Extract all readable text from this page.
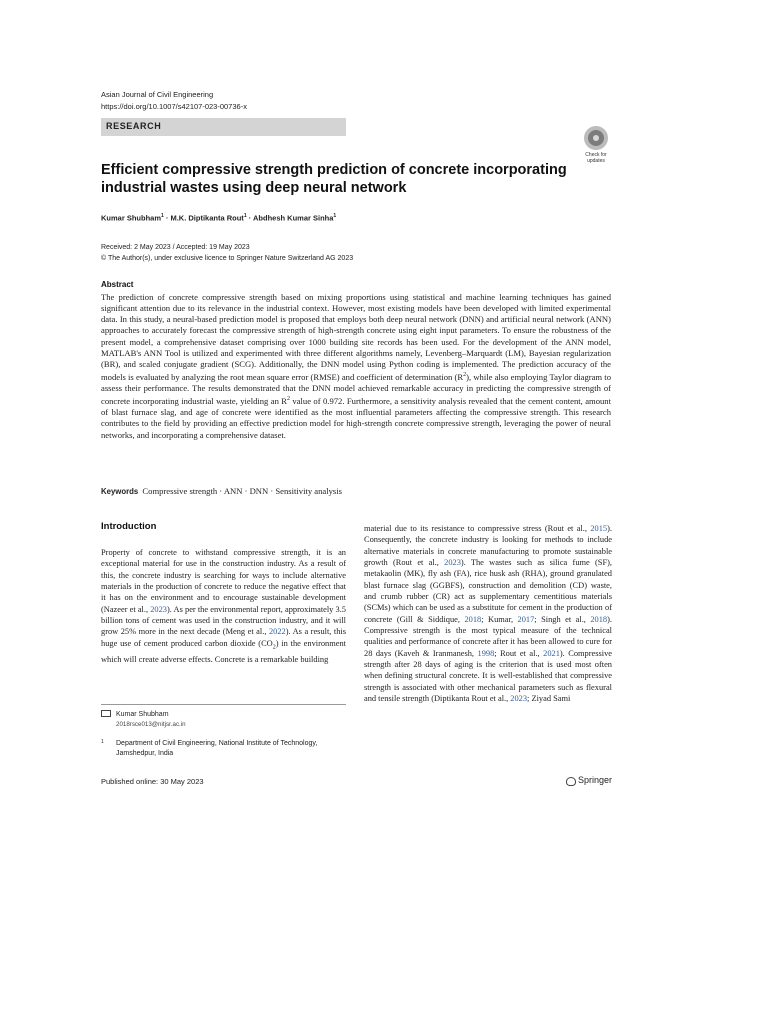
Asian Journal of Civil Engineering
https://doi.org/10.1007/s42107-023-00736-x
RESEARCH
Check for
updates
Efficient compressive strength prediction of concrete incorporating industrial wastes using deep neural network
Kumar Shubham$^1$ · M.K. Diptikanta Rout$^1$ · Abdhesh Kumar Sinha$^1$
Received: 2 May 2023 / Accepted: 19 May 2023
© The Author(s), under exclusive licence to Springer Nature Switzerland AG 2023
Abstract
The prediction of concrete compressive strength based on mixing proportions using statistical and machine learning techniques has gained significant attention due to its relevance in the industrial context. However, most existing models have been developed with limited experimental data. In this study, a neural-based prediction model is proposed that employs both deep neural network (DNN) and artificial neural network (ANN) approaches to accurately forecast the compressive strength of high-strength concrete using eight input parameters. To ensure the robustness of the present model, a comprehensive dataset comprising over 1000 building site records has been used. For the development of the ANN model, MATLAB's ANN Tool is utilized and experimented with three different algorithms namely, Levenberg–Marquardt (LM), Bayesian regularization (BR), and scaled conjugate gradient (SCG). Additionally, the DNN model using Python coding is implemented. The prediction accuracy of the models is evaluated by analyzing the root mean square error (RMSE) and coefficient of determination $(R^2)$, while also employing Taylor diagram to assess their performance. The results demonstrated that the DNN model achieved remarkable accuracy in predicting the compressive strength of concrete incorporating industrial waste, yielding an $R^2$ value of 0.972. Furthermore, a sensitivity analysis revealed that the cement content, amount of blast furnace slag, and age of concrete were identified as the most influential parameters affecting the compressive strength. This research contributes to the field by providing an effective prediction model for high-strength concrete compressive strength, leveraging the power of neural networks, and incorporating a comprehensive dataset.
Keywords Compressive strength · ANN · DNN · Sensitivity analysis
Introduction
Property of concrete to withstand compressive strength, it is an exceptional material for use in the construction industry. As a result of this, the concrete industry is searching for ways to include alternative materials in the production of concrete to reduce the negative effect that it has on the environment and to encourage sustainable development (Nazeer et al., 2023). As per the environmental report, approximately 3.5 billion tons of cement was used in the construction industry, and it will grow 25% more in the next decade (Meng et al., 2022). As a result, this huge use of cement produced carbon dioxide $(CO_2)$ in the environment which will create adverse effects. Concrete is a remarkable building
material due to its resistance to compressive stress (Rout et al., 2015). Consequently, the concrete industry is looking for methods to include alternative materials in concrete manufacturing to promote sustainable growth (Rout et al., 2023). The wastes such as silica fume (SF), metakaolin (MK), fly ash (FA), rice husk ash (RHA), ground granulated blast furnace slag (GGBFS), construction and demolition (CD) waste, and crumb rubber (CR) act as supplementary cementitious materials (SCMs) which can be used as a substitute for cement in the production of concrete (Gill & Siddique, 2018; Kumar, 2017; Singh et al., 2018). Compressive strength is the most typical measure of the technical qualities and performance of concrete after it has been allowed to cure for 28 days (Kaveh & Iranmanesh, 1998; Rout et al., 2021). Compressive strength after 28 days of aging is the criterion that is used most often when defining structural concrete. It is well-established that compressive strength is associated with other mechanical parameters such as flexural and tensile strength (Diptikanta Rout et al., 2023; Ziyad Sami
Kumar Shubham
2018rsce013@nitjsr.ac.in
1 Department of Civil Engineering, National Institute of Technology, Jamshedpur, India
Published online: 30 May 2023	Springer
